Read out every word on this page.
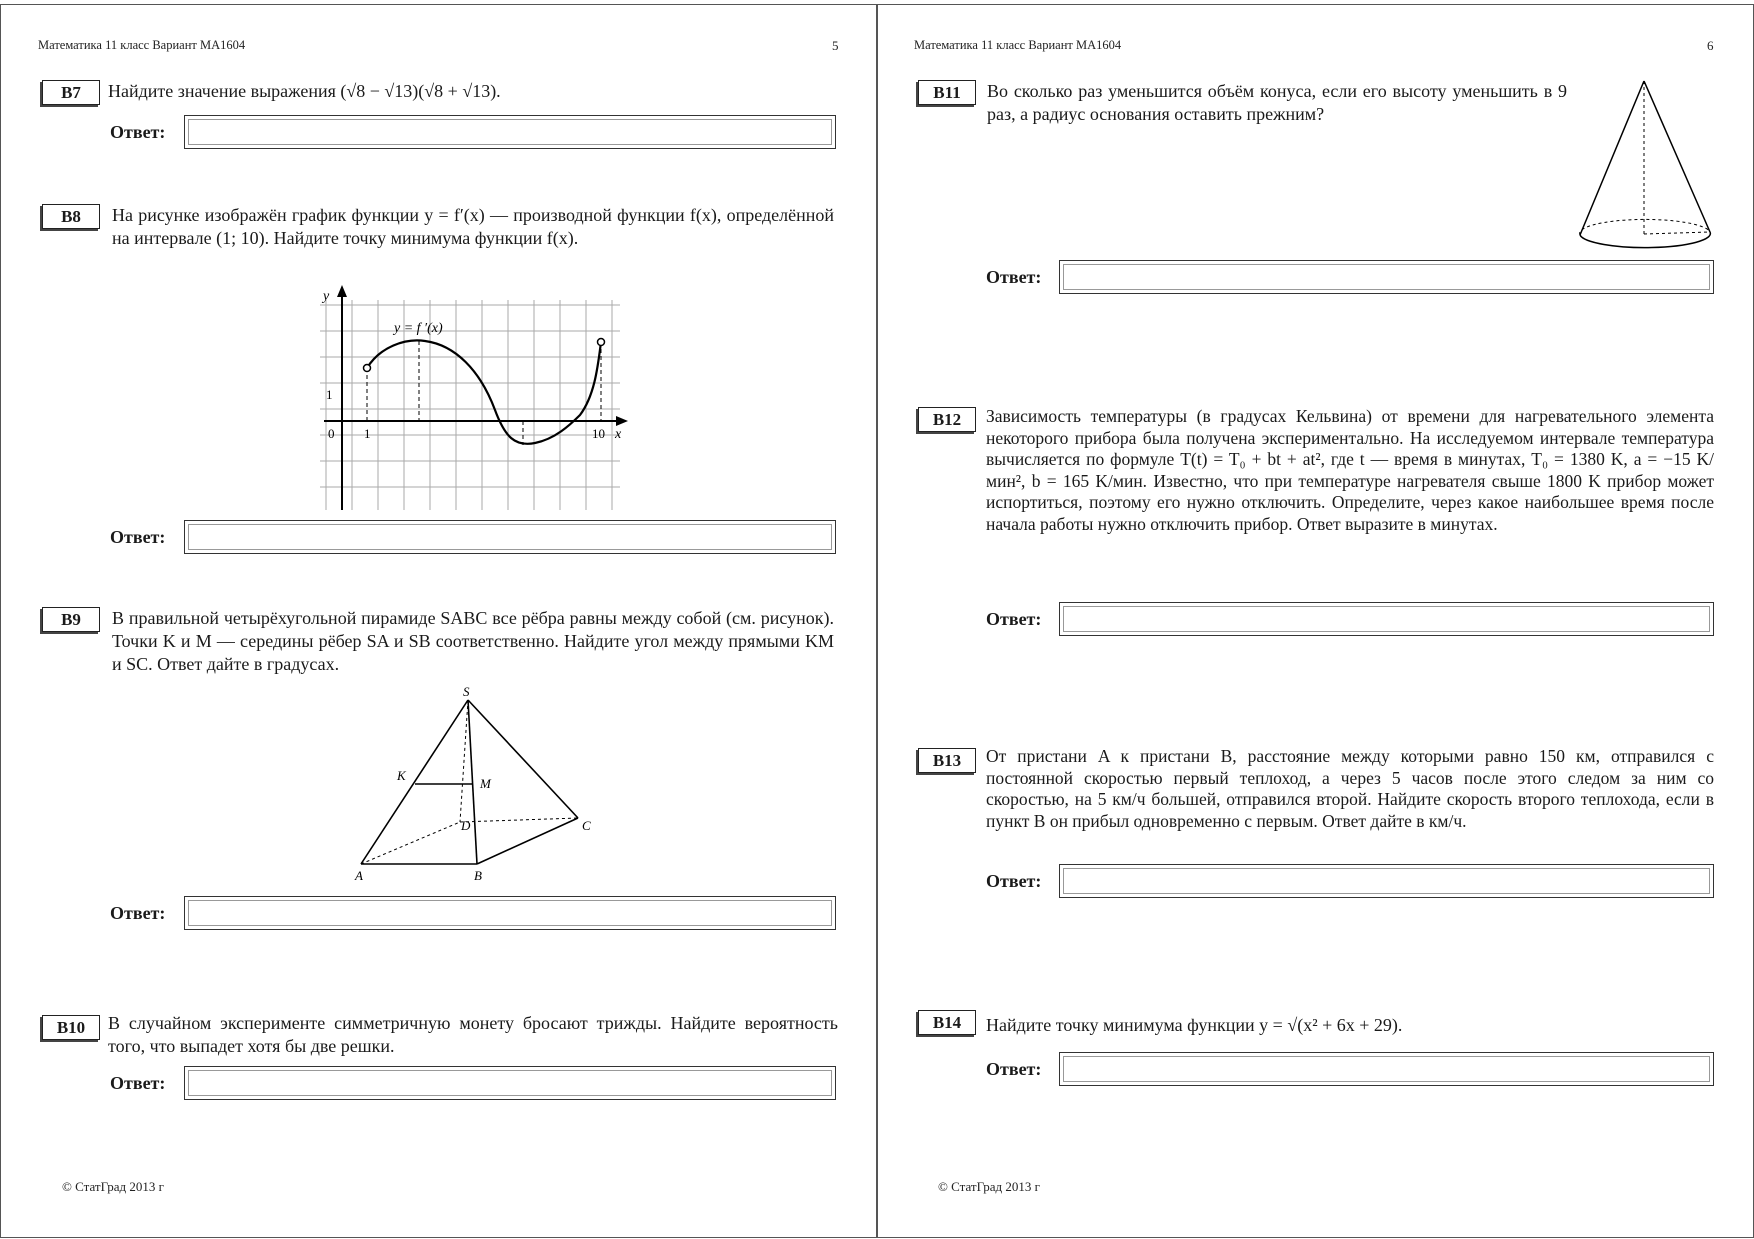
Математика 11 класс Вариант МА1604	5
B7	Найдите значение выражения (√8 − √13)(√8 + √13).
Ответ:
B8	На рисунке изображён график функции y = f′(x) — производной функции f(x), определённой на интервале (1; 10). Найдите точку минимума функции f(x).
y
y = f ′(x)
1
0 1	10 x
Ответ:
B9	В правильной четырёхугольной пирамиде SABC все рёбра равны между собой (см. рисунок). Точки K и M — середины рёбер SA и SB соответственно. Найдите угол между прямыми KM и SC. Ответ дайте в градусах.
S
K
M
D	C
A	B
Ответ:
B10	В случайном эксперименте симметричную монету бросают трижды. Найдите вероятность того, что выпадет хотя бы две решки.
Ответ:
© СтатГрад 2013 г
Математика 11 класс Вариант МА1604	6
B11	Во сколько раз уменьшится объём конуса, если его высоту уменьшить в 9 раз, а радиус основания оставить прежним?
Ответ:
B12	Зависимость температуры (в градусах Кельвина) от времени для нагревательного элемента некоторого прибора была получена экспериментально. На исследуемом интервале температура вычисляется по формуле T(t) = T₀ + bt + at², где t — время в минутах, T₀ = 1380 K, a = −15 K/мин², b = 165 K/мин. Известно, что при температуре нагревателя свыше 1800 K прибор может испортиться, поэтому его нужно отключить. Определите, через какое наибольшее время после начала работы нужно отключить прибор. Ответ выразите в минутах.
Ответ:
B13	От пристани A к пристани B, расстояние между которыми равно 150 км, отправился с постоянной скоростью первый теплоход, а через 5 часов после этого следом за ним со скоростью, на 5 км/ч большей, отправился второй. Найдите скорость второго теплохода, если в пункт B он прибыл одновременно с первым. Ответ дайте в км/ч.
Ответ:
B14	Найдите точку минимума функции y = √(x² + 6x + 29).
Ответ:
© СтатГрад 2013 г
